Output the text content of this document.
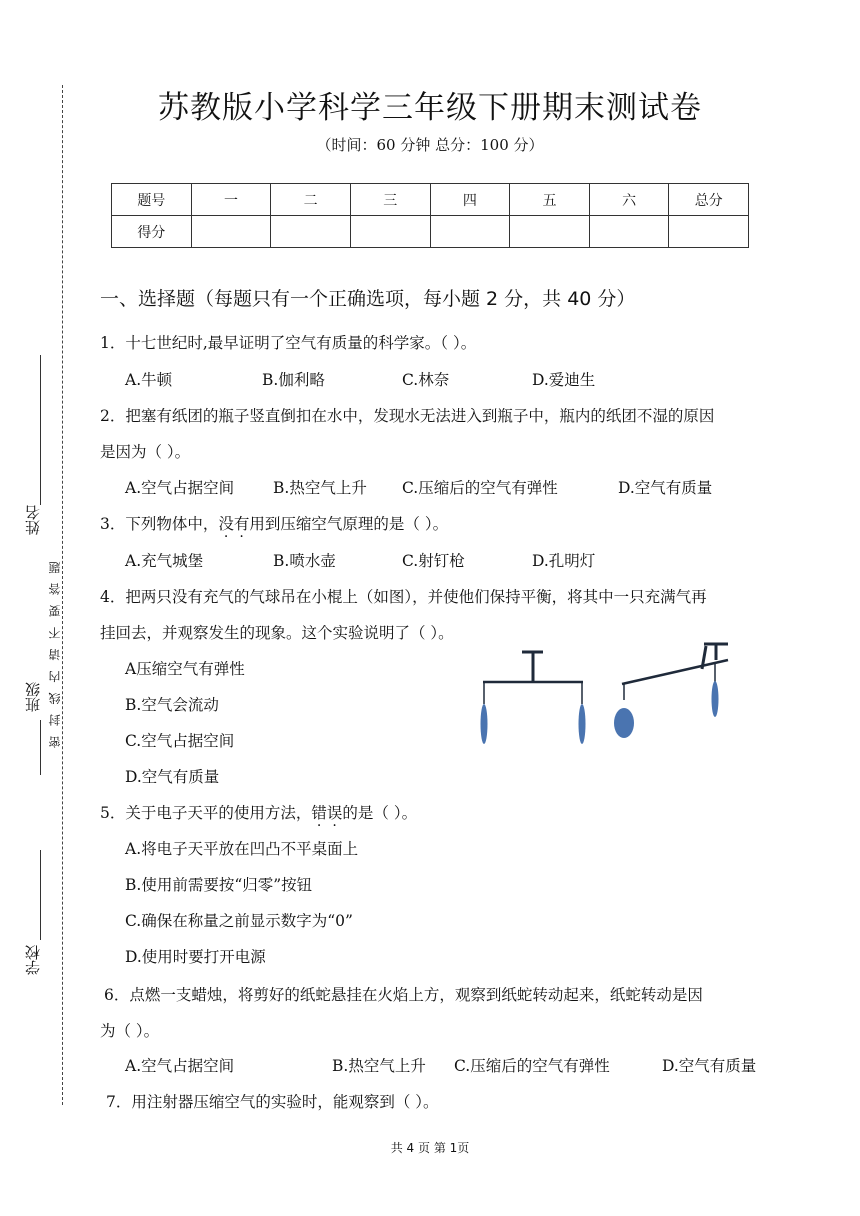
姓名
密 封 线 内 请 不 要 答 题
班级
学校
苏教版小学科学三年级下册期末测试卷
（时间：60 分钟 总分：100 分）
题号	一	二	三	四	五	六	总分
得分							
一、选择题（每题只有一个正确选项，每小题 2 分，共 40 分）
1．十七世纪时,最早证明了空气有质量的科学家。（ ）。
A.牛顿	B.伽利略	C.林奈	D.爱迪生
2．把塞有纸团的瓶子竖直倒扣在水中，发现水无法进入到瓶子中，瓶内的纸团不湿的原因
是因为（ ）。
A.空气占据空间	B.热空气上升 C.压缩后的空气有弹性	D.空气有质量
3．下列物体中，没有用到压缩空气原理的是（ ）。
A.充气城堡	B.喷水壶	C.射钉枪	D.孔明灯
4．把两只没有充气的气球吊在小棍上（如图），并使他们保持平衡，将其中一只充满气再
挂回去，并观察发生的现象。这个实验说明了（ ）。
A压缩空气有弹性
B.空气会流动
C.空气占据空间
D.空气有质量
5．关于电子天平的使用方法，错误的是（ ）。
A.将电子天平放在凹凸不平桌面上
B.使用前需要按“归零”按钮
C.确保在称量之前显示数字为“0”
D.使用时要打开电源
6．点燃一支蜡烛，将剪好的纸蛇悬挂在火焰上方，观察到纸蛇转动起来，纸蛇转动是因
为（ ）。
A.空气占据空间	B.热空气上升 C.压缩后的空气有弹性	D.空气有质量
7．用注射器压缩空气的实验时，能观察到（ ）。
共 4 页 第 1页
